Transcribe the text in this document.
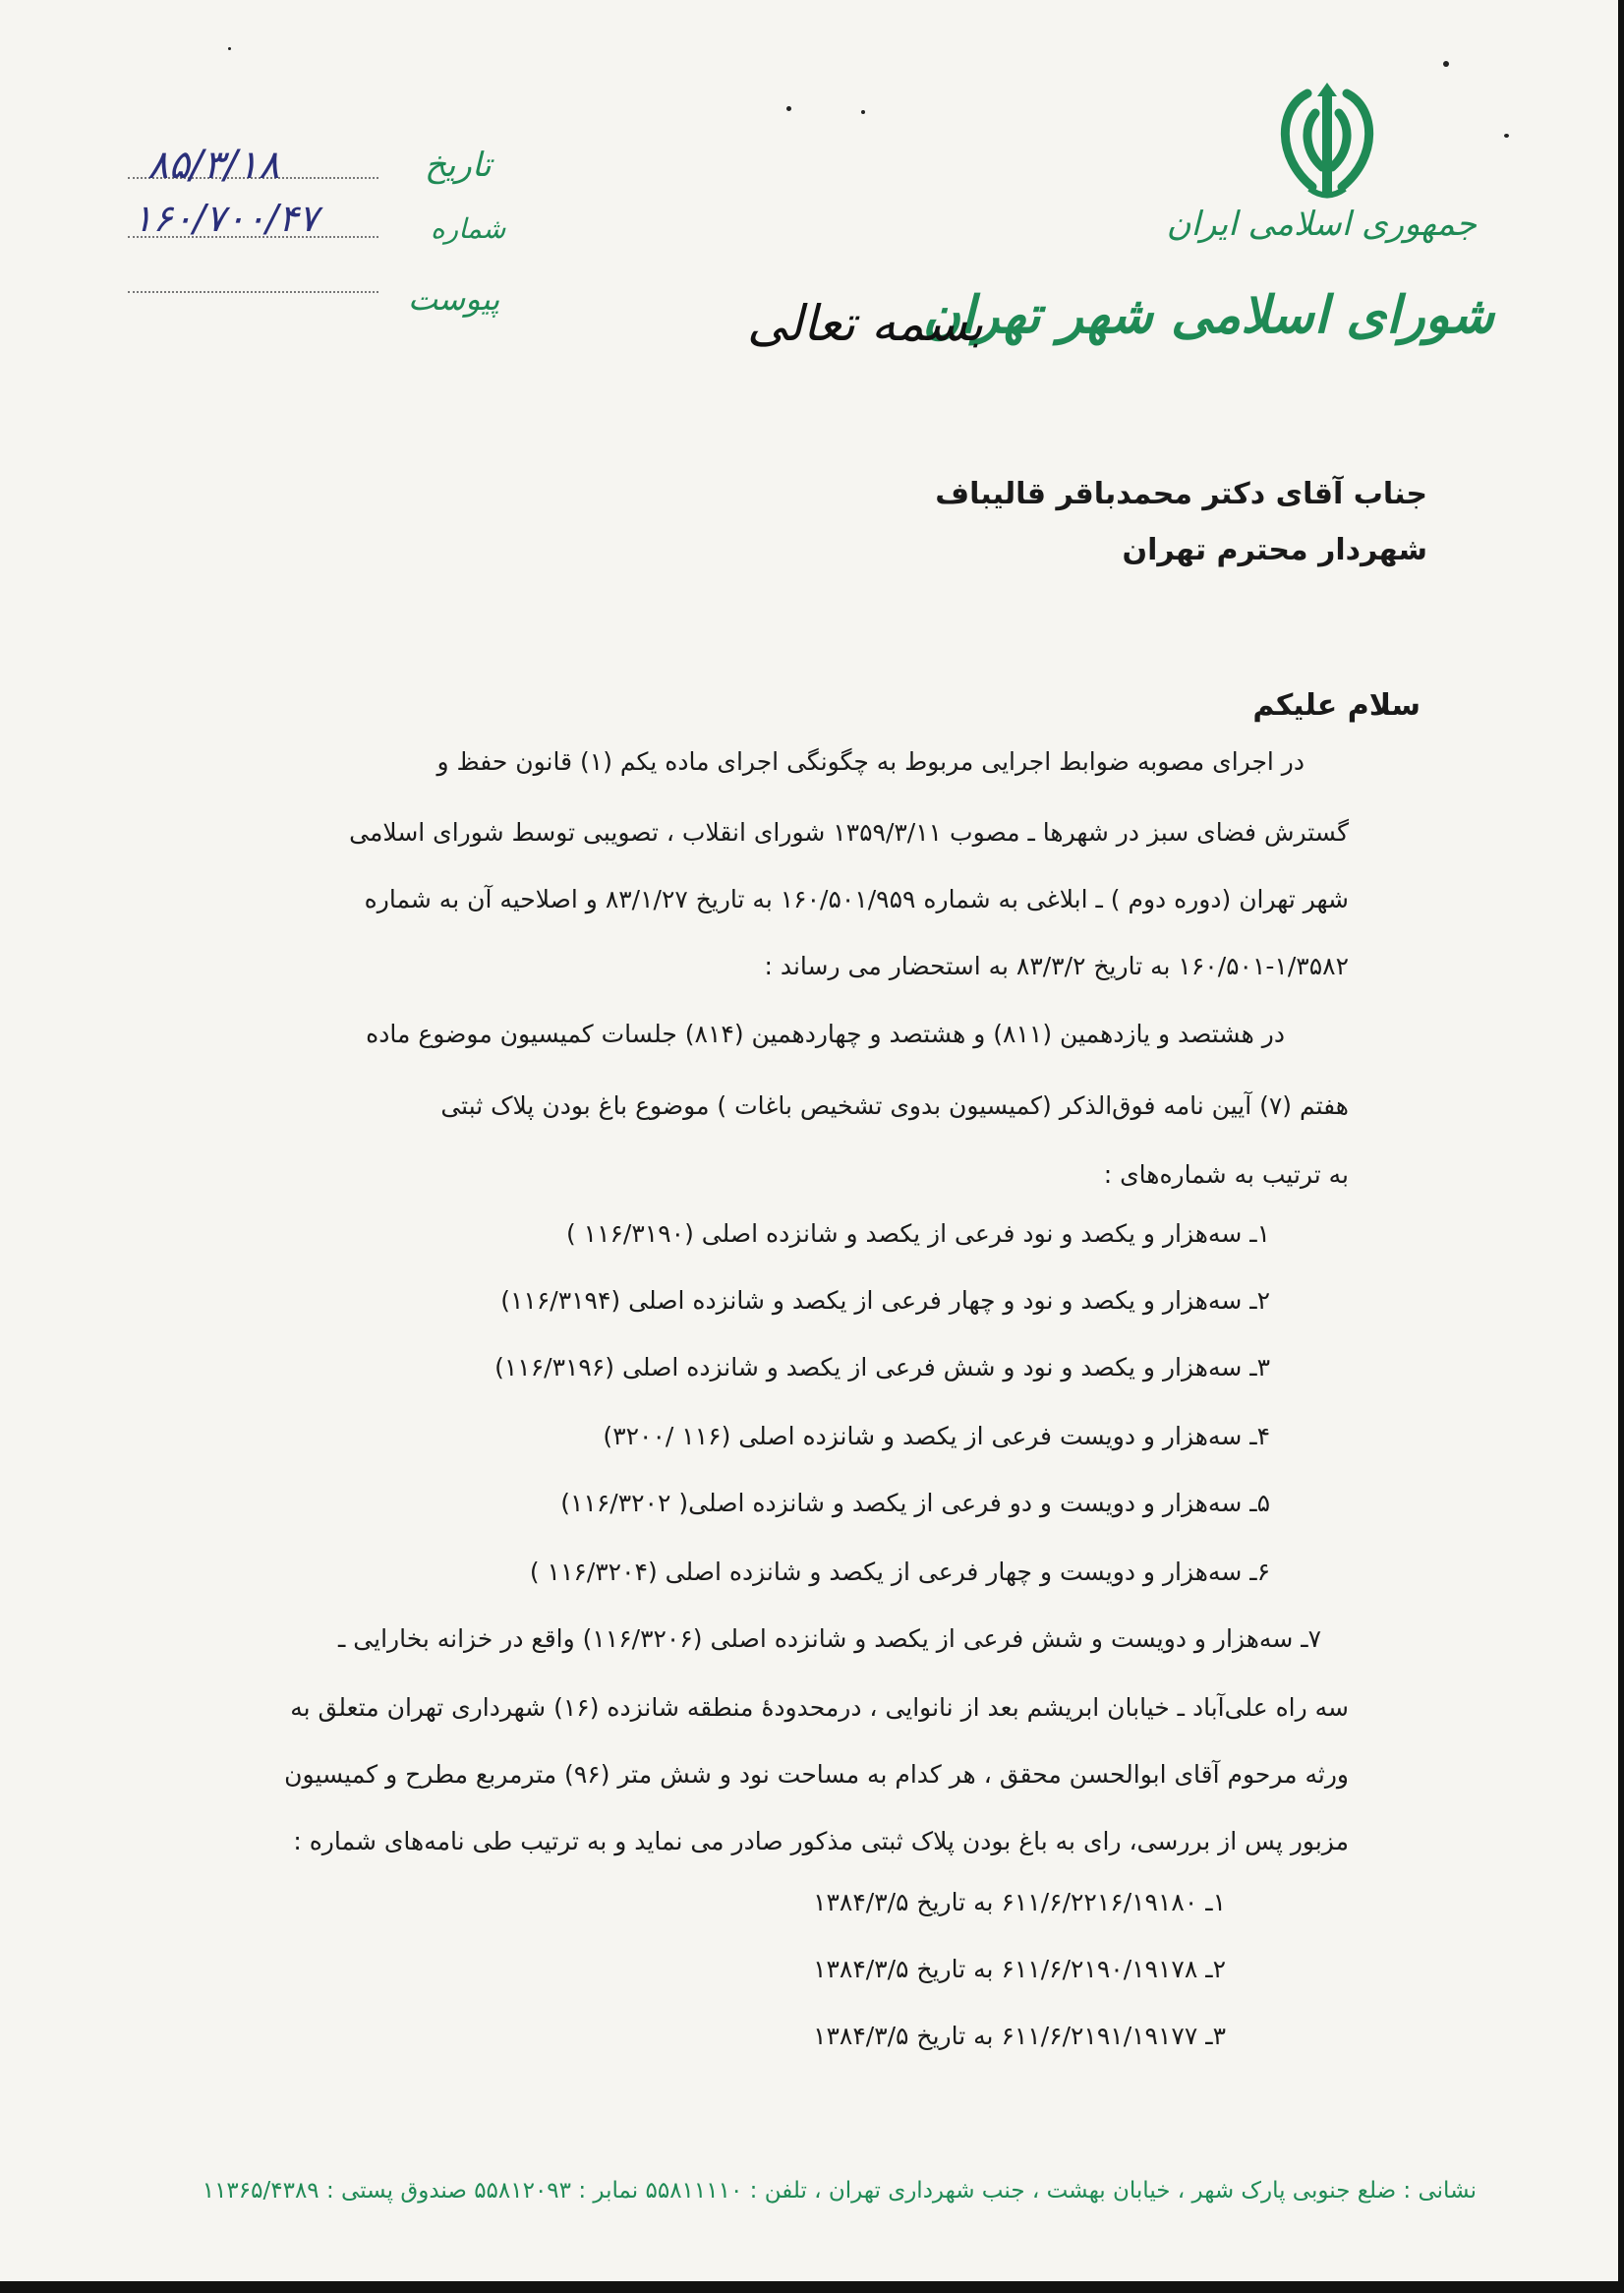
جمهوری اسلامی ایران
شورای اسلامی شهر تهران
بسمه تعالی
تاریخ
شماره
پیوست
۸۵/۳/۱۸
۱۶۰/۷۰۰/۴۷
جناب آقای دکتر محمدباقر قالیباف
شهردار محترم تهران
سلام علیکم
در اجرای مصوبه ضوابط اجرایی مربوط به چگونگی اجرای ماده یکم (۱) قانون حفظ و
گسترش فضای سبز در شهرها ـ مصوب ۱۳۵۹/۳/۱۱ شورای انقلاب ، تصویبی توسط شورای اسلامی
شهر تهران (دوره دوم ) ـ ابلاغی به شماره ۱۶۰/۵۰۱/۹۵۹ به تاریخ ۸۳/۱/۲۷ و اصلاحیه آن به شماره
۱۶۰/۵۰۱-۱/۳۵۸۲ به تاریخ ۸۳/۳/۲ به استحضار می رساند :
در هشتصد و یازدهمین (۸۱۱) و هشتصد و چهاردهمین (۸۱۴) جلسات کمیسیون موضوع ماده
هفتم (۷) آیین نامه فوق‌الذکر (کمیسیون بدوی تشخیص باغات ) موضوع باغ بودن پلاک ثبتی
به ترتیب به شماره‌های :
۱ـ سه‌هزار و یکصد و نود فرعی از یکصد و شانزده اصلی (۱۱۶/۳۱۹۰ )
۲ـ سه‌هزار و یکصد و نود و چهار فرعی از یکصد و شانزده اصلی (۱۱۶/۳۱۹۴)
۳ـ سه‌هزار و یکصد و نود و شش فرعی از یکصد و شانزده اصلی (۱۱۶/۳۱۹۶)
۴ـ سه‌هزار و دویست فرعی از یکصد و شانزده اصلی (۱۱۶ /۳۲۰۰)
۵ـ سه‌هزار و دویست و دو فرعی از یکصد و شانزده اصلی( ۱۱۶/۳۲۰۲)
۶ـ سه‌هزار و دویست و چهار فرعی از یکصد و شانزده اصلی (۱۱۶/۳۲۰۴ )
۷ـ سه‌هزار و دویست و شش فرعی از یکصد و شانزده اصلی (۱۱۶/۳۲۰۶) واقع در خزانه بخارایی ـ
سه راه علی‌آباد ـ خیابان ابریشم بعد از نانوایی ، درمحدودهٔ منطقه شانزده (۱۶) شهرداری تهران متعلق به
ورثه مرحوم آقای ابوالحسن محقق ، هر کدام به مساحت نود و شش متر (۹۶) مترمربع مطرح و کمیسیون
مزبور پس از بررسی، رای به باغ بودن پلاک ثبتی مذکور صادر می نماید و به ترتیب طی نامه‌های شماره :
۱ـ ۶۱۱/۶/۲۲۱۶/۱۹۱۸۰ به تاریخ ۱۳۸۴/۳/۵
۲ـ ۶۱۱/۶/۲۱۹۰/۱۹۱۷۸ به تاریخ ۱۳۸۴/۳/۵
۳ـ ۶۱۱/۶/۲۱۹۱/۱۹۱۷۷ به تاریخ ۱۳۸۴/۳/۵
نشانی : ضلع جنوبی پارک شهر ، خیابان بهشت ، جنب شهرداری تهران ، تلفن : ۵۵۸۱۱۱۱۰ نمابر : ۵۵۸۱۲۰۹۳ صندوق پستی : ۱۱۳۶۵/۴۳۸۹
